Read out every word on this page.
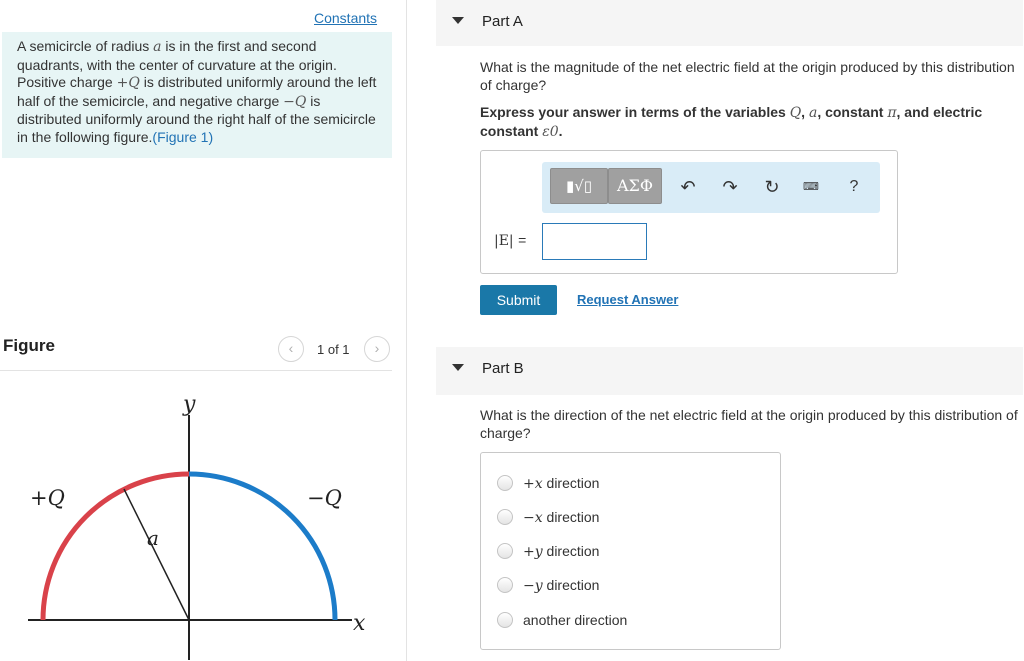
Constants
A semicircle of radius a is in the first and second quadrants, with the center of curvature at the origin. Positive charge +Q is distributed uniformly around the left half of the semicircle, and negative charge −Q is distributed uniformly around the right half of the semicircle in the following figure.(Figure 1)
Figure	‹	1 of 1	›
y
x
+Q	−Q
a
Part A
What is the magnitude of the net electric field at the origin produced by this distribution of charge?
Express your answer in terms of the variables Q, a, constant π, and electric constant ε0.
▮√▯	ΑΣΦ	↶ ↷ ↻	⌨	?
|E| =
Submit	Request Answer
Part B
What is the direction of the net electric field at the origin produced by this distribution of charge?
+x direction
−x direction
+y direction
−y direction
another direction
